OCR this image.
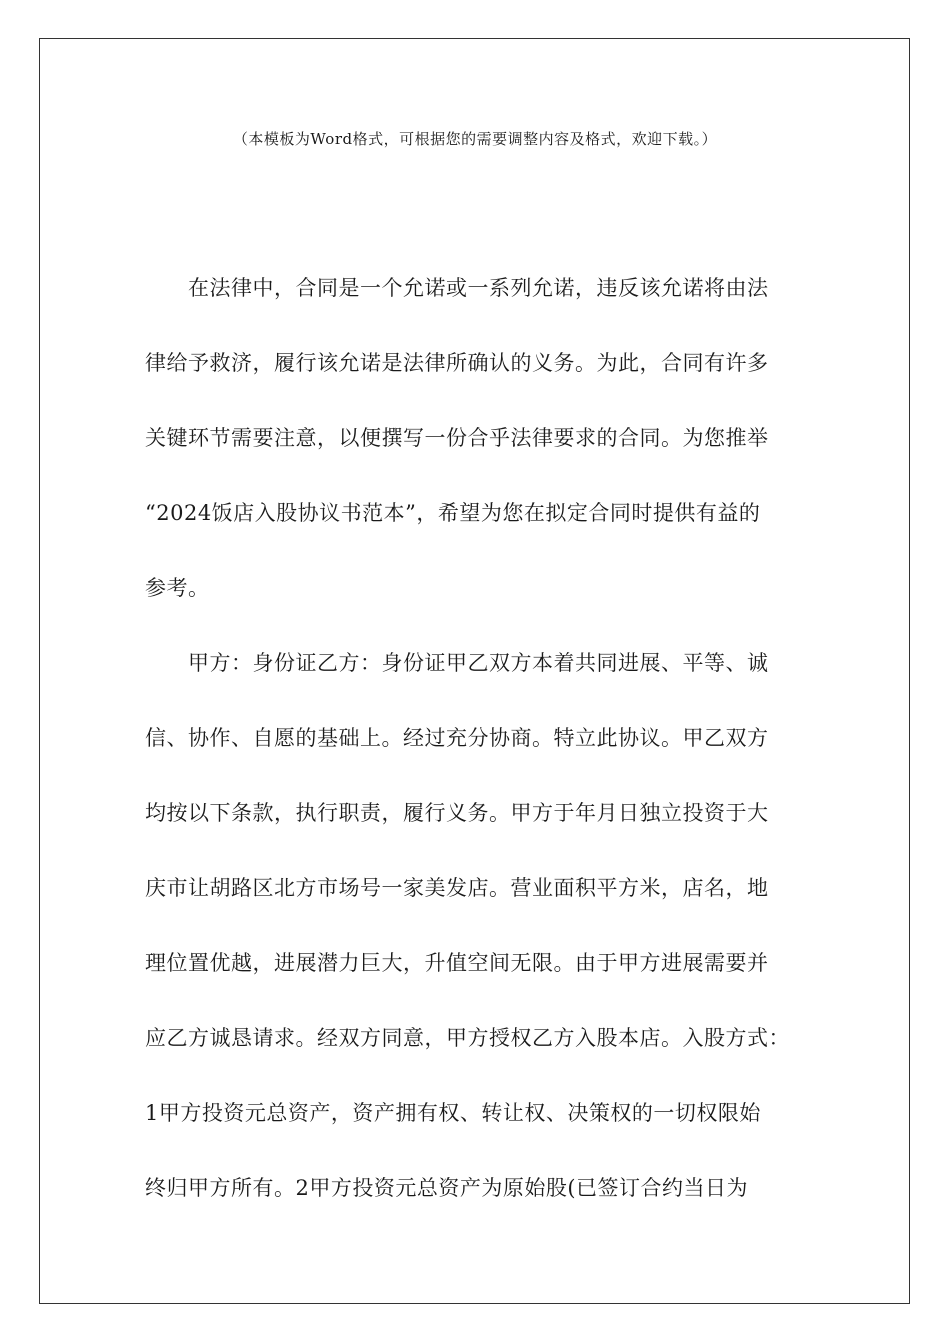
（本模板为Word格式，可根据您的需要调整内容及格式，欢迎下载。）
　　在法律中，合同是一个允诺或一系列允诺，违反该允诺将由法
律给予救济，履行该允诺是法律所确认的义务。为此，合同有许多
关键环节需要注意，以便撰写一份合乎法律要求的合同。为您推举
“2024饭店入股协议书范本”，希望为您在拟定合同时提供有益的
参考。
　　甲方：身份证乙方：身份证甲乙双方本着共同进展、平等、诚
信、协作、自愿的基础上。经过充分协商。特立此协议。甲乙双方
均按以下条款，执行职责，履行义务。甲方于年月日独立投资于大
庆市让胡路区北方市场号一家美发店。营业面积平方米，店名，地
理位置优越，进展潜力巨大，升值空间无限。由于甲方进展需要并
应乙方诚恳请求。经双方同意，甲方授权乙方入股本店。入股方式：
1甲方投资元总资产，资产拥有权、转让权、决策权的一切权限始
终归甲方所有。2甲方投资元总资产为原始股(已签订合约当日为
